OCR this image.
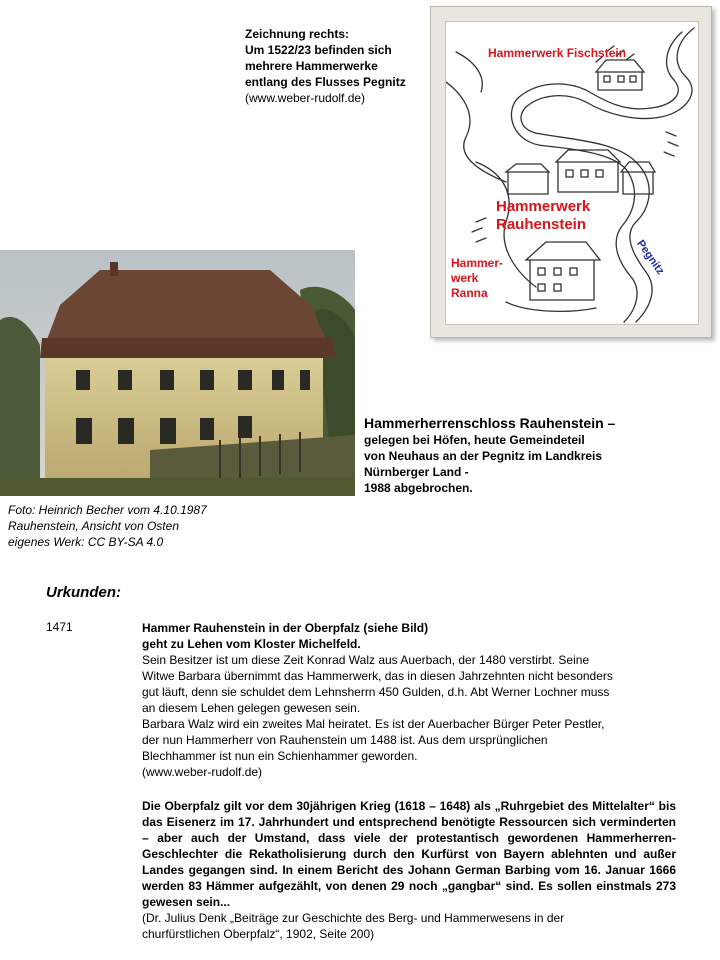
Zeichnung rechts:
Um 1522/23 befinden sich
mehrere Hammerwerke
entlang des Flusses Pegnitz
(www.weber-rudolf.de)
Hammerwerk Fischstein
Hammerwerk
Rauhenstein
Hammer-
werk
Ranna
Pegnitz
Foto: Heinrich Becher vom 4.10.1987
Rauhenstein, Ansicht von Osten
eigenes Werk: CC BY-SA 4.0
Hammerherrenschloss Rauhenstein –
gelegen bei Höfen, heute Gemeindeteil
von Neuhaus an der Pegnitz im Landkreis
Nürnberger Land -
1988 abgebrochen.
Urkunden:
1471	Hammer Rauhenstein in der Oberpfalz (siehe Bild)

geht zu Lehen vom Kloster Michelfeld.

Sein Besitzer ist um diese Zeit Konrad Walz aus Auerbach, der 1480 verstirbt. Seine

Witwe Barbara übernimmt das Hammerwerk, das in diesen Jahrzehnten nicht besonders

gut läuft, denn sie schuldet dem Lehnsherrn 450 Gulden, d.h. Abt Werner Lochner muss

an diesem Lehen gelegen gewesen sein.

Barbara Walz wird ein zweites Mal heiratet. Es ist der Auerbacher Bürger Peter Pestler,

der nun Hammerherr von Rauhenstein um 1488 ist. Aus dem ursprünglichen

Blechhammer ist nun ein Schienhammer geworden.

(www.weber-rudolf.de)

Die Oberpfalz gilt vor dem 30jährigen Krieg (1618 – 1648) als „Ruhrgebiet des Mittelalter“ bis das Eisenerz im 17. Jahrhundert und entsprechend benötigte Ressourcen sich verminderten – aber auch der Umstand, dass viele der protestantisch gewordenen Hammerherren-Geschlechter die Rekatholisierung durch den Kurfürst von Bayern ablehnten und außer Landes gegangen sind. In einem Bericht des Johann German Barbing vom 16. Januar 1666 werden 83 Hämmer aufgezählt, von denen 29 noch „gangbar“ sind. Es sollen einstmals 273 gewesen sein...

(Dr. Julius Denk „Beiträge zur Geschichte des Berg- und Hammerwesens in der

churfürstlichen Oberpfalz“, 1902, Seite 200)
